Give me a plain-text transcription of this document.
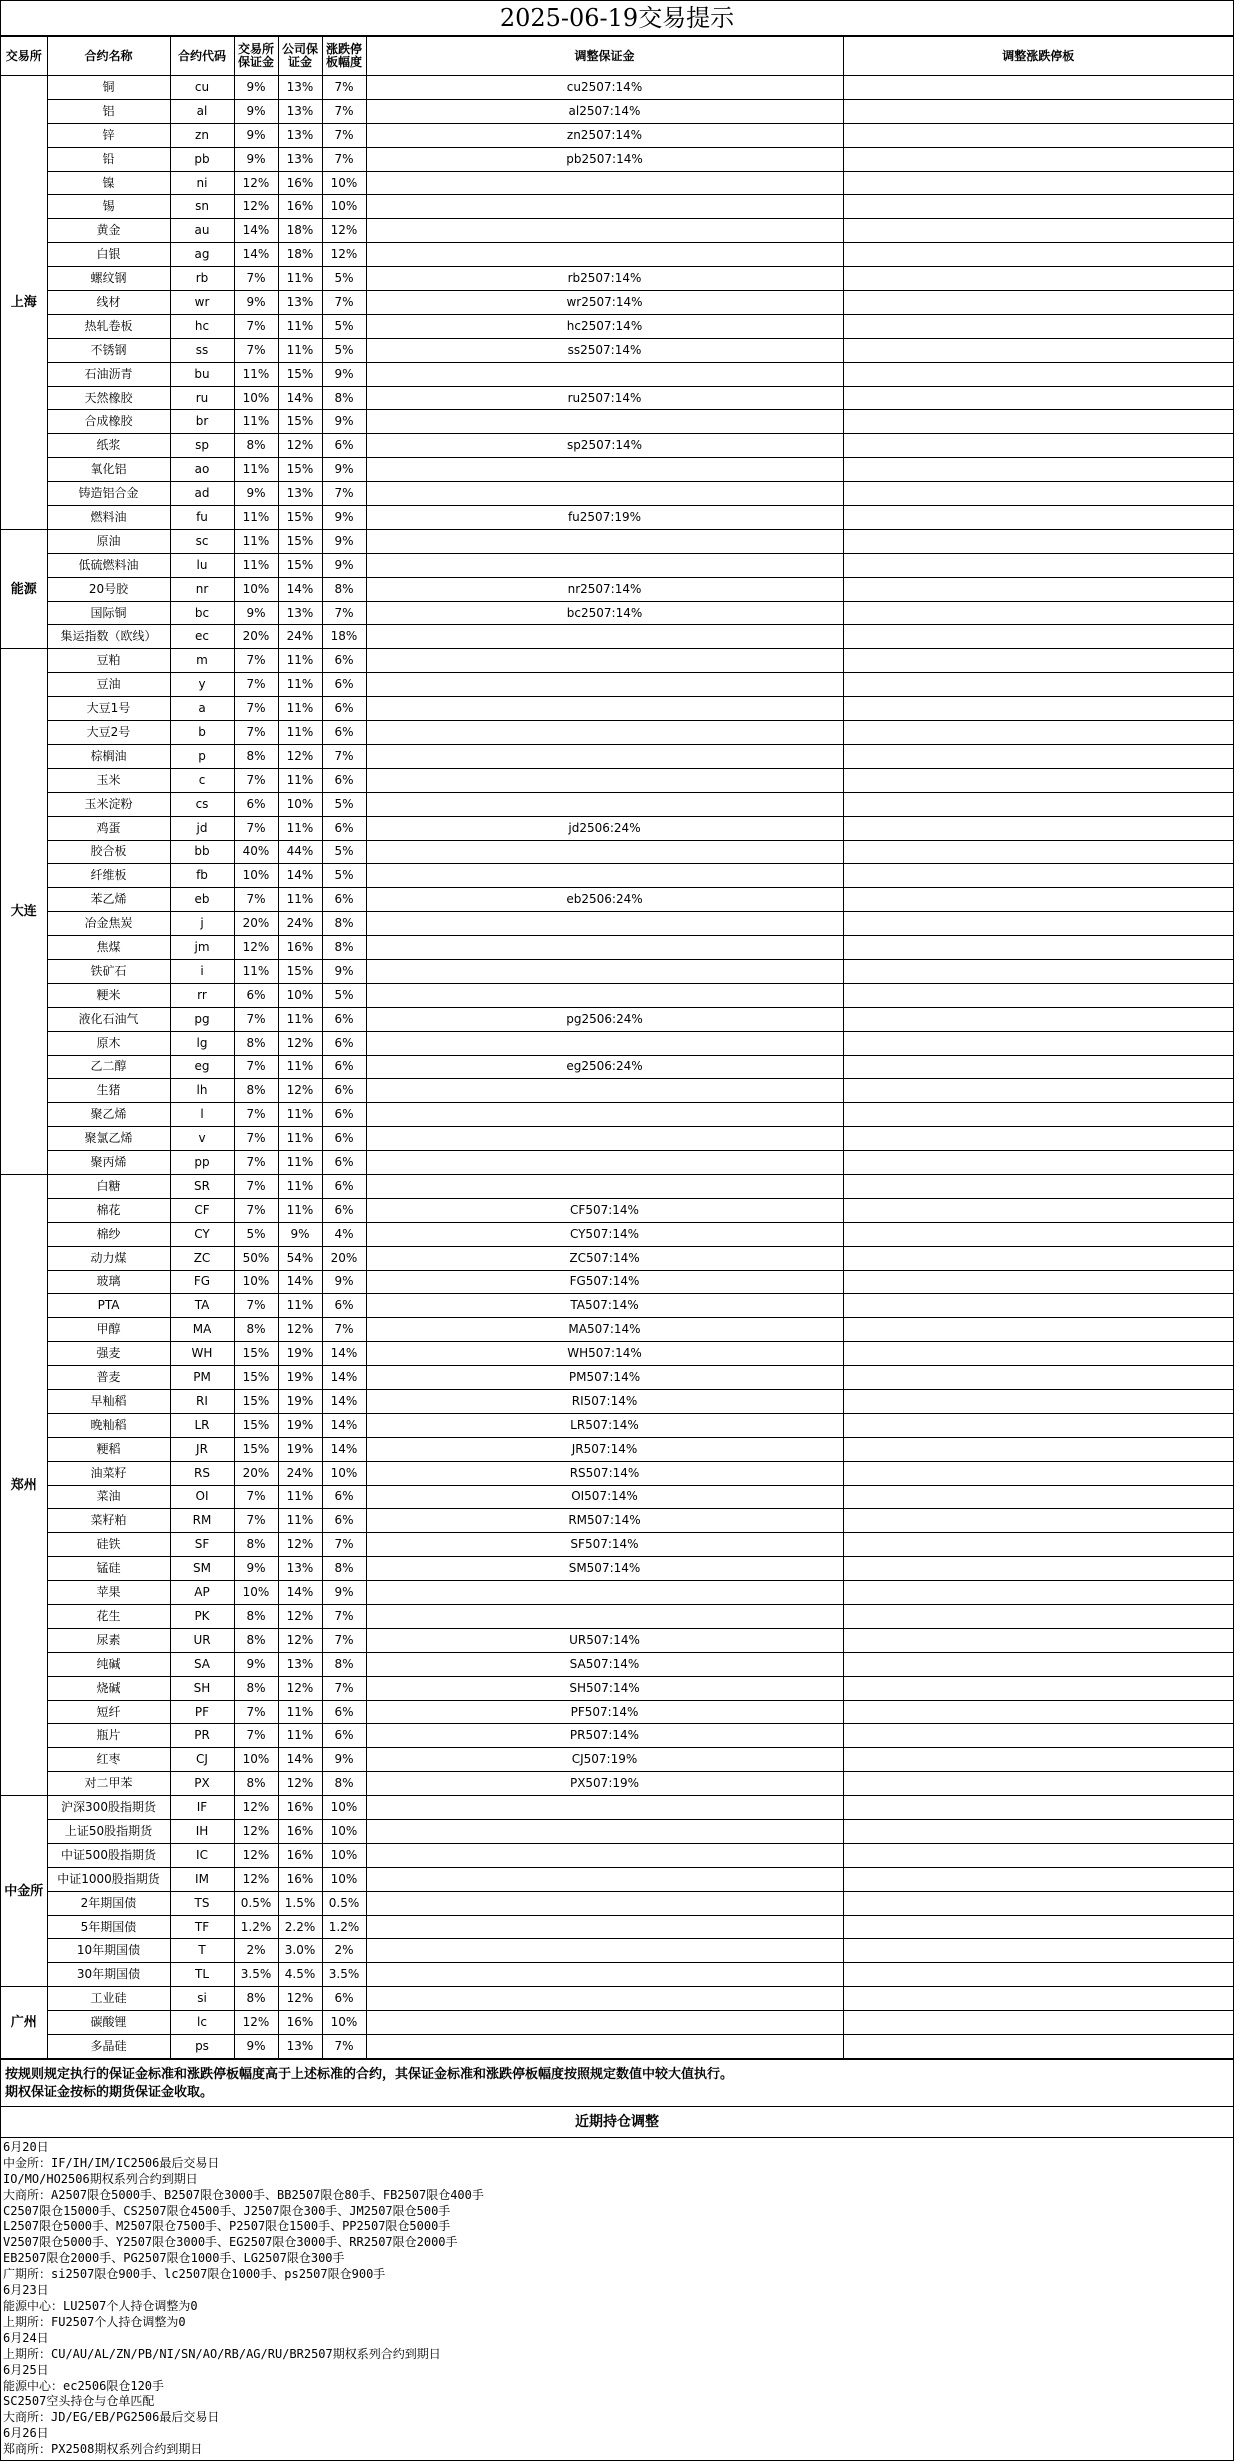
2025-06-19交易提示
交易所	合约名称	合约代码	交易所保证金	公司保证金	涨跌停板幅度	调整保证金	调整涨跌停板
上海	铜	cu	9%	13%	7%	cu2507:14%	
	铝	al	9%	13%	7%	al2507:14%	
	锌	zn	9%	13%	7%	zn2507:14%	
	铅	pb	9%	13%	7%	pb2507:14%	
	镍	ni	12%	16%	10%		
	锡	sn	12%	16%	10%		
	黄金	au	14%	18%	12%		
	白银	ag	14%	18%	12%		
	螺纹钢	rb	7%	11%	5%	rb2507:14%	
	线材	wr	9%	13%	7%	wr2507:14%	
	热轧卷板	hc	7%	11%	5%	hc2507:14%	
	不锈钢	ss	7%	11%	5%	ss2507:14%	
	石油沥青	bu	11%	15%	9%		
	天然橡胶	ru	10%	14%	8%	ru2507:14%	
	合成橡胶	br	11%	15%	9%		
	纸浆	sp	8%	12%	6%	sp2507:14%	
	氧化铝	ao	11%	15%	9%		
	铸造铝合金	ad	9%	13%	7%		
	燃料油	fu	11%	15%	9%	fu2507:19%	
能源	原油	sc	11%	15%	9%		
	低硫燃料油	lu	11%	15%	9%		
	20号胶	nr	10%	14%	8%	nr2507:14%	
	国际铜	bc	9%	13%	7%	bc2507:14%	
	集运指数（欧线）	ec	20%	24%	18%		
大连	豆粕	m	7%	11%	6%		
	豆油	y	7%	11%	6%		
	大豆1号	a	7%	11%	6%		
	大豆2号	b	7%	11%	6%		
	棕榈油	p	8%	12%	7%		
	玉米	c	7%	11%	6%		
	玉米淀粉	cs	6%	10%	5%		
	鸡蛋	jd	7%	11%	6%	jd2506:24%	
	胶合板	bb	40%	44%	5%		
	纤维板	fb	10%	14%	5%		
	苯乙烯	eb	7%	11%	6%	eb2506:24%	
	冶金焦炭	j	20%	24%	8%		
	焦煤	jm	12%	16%	8%		
	铁矿石	i	11%	15%	9%		
	粳米	rr	6%	10%	5%		
	液化石油气	pg	7%	11%	6%	pg2506:24%	
	原木	lg	8%	12%	6%		
	乙二醇	eg	7%	11%	6%	eg2506:24%	
	生猪	lh	8%	12%	6%		
	聚乙烯	l	7%	11%	6%		
	聚氯乙烯	v	7%	11%	6%		
	聚丙烯	pp	7%	11%	6%		
郑州	白糖	SR	7%	11%	6%		
	棉花	CF	7%	11%	6%	CF507:14%	
	棉纱	CY	5%	9%	4%	CY507:14%	
	动力煤	ZC	50%	54%	20%	ZC507:14%	
	玻璃	FG	10%	14%	9%	FG507:14%	
	PTA	TA	7%	11%	6%	TA507:14%	
	甲醇	MA	8%	12%	7%	MA507:14%	
	强麦	WH	15%	19%	14%	WH507:14%	
	普麦	PM	15%	19%	14%	PM507:14%	
	早籼稻	RI	15%	19%	14%	RI507:14%	
	晚籼稻	LR	15%	19%	14%	LR507:14%	
	粳稻	JR	15%	19%	14%	JR507:14%	
	油菜籽	RS	20%	24%	10%	RS507:14%	
	菜油	OI	7%	11%	6%	OI507:14%	
	菜籽粕	RM	7%	11%	6%	RM507:14%	
	硅铁	SF	8%	12%	7%	SF507:14%	
	锰硅	SM	9%	13%	8%	SM507:14%	
	苹果	AP	10%	14%	9%		
	花生	PK	8%	12%	7%		
	尿素	UR	8%	12%	7%	UR507:14%	
	纯碱	SA	9%	13%	8%	SA507:14%	
	烧碱	SH	8%	12%	7%	SH507:14%	
	短纤	PF	7%	11%	6%	PF507:14%	
	瓶片	PR	7%	11%	6%	PR507:14%	
	红枣	CJ	10%	14%	9%	CJ507:19%	
	对二甲苯	PX	8%	12%	8%	PX507:19%	
中金所	沪深300股指期货	IF	12%	16%	10%		
	上证50股指期货	IH	12%	16%	10%		
	中证500股指期货	IC	12%	16%	10%		
	中证1000股指期货	IM	12%	16%	10%		
	2年期国债	TS	0.5%	1.5%	0.5%		
	5年期国债	TF	1.2%	2.2%	1.2%		
	10年期国债	T	2%	3.0%	2%		
	30年期国债	TL	3.5%	4.5%	3.5%		
广州	工业硅	si	8%	12%	6%		
	碳酸锂	lc	12%	16%	10%		
	多晶硅	ps	9%	13%	7%		
按规则规定执行的保证金标准和涨跌停板幅度高于上述标准的合约，其保证金标准和涨跌停板幅度按照规定数值中较大值执行。
期权保证金按标的期货保证金收取。
近期持仓调整
6月20日
中金所：IF/IH/IM/IC2506最后交易日
IO/MO/HO2506期权系列合约到期日
大商所：A2507限仓5000手、B2507限仓3000手、BB2507限仓80手、FB2507限仓400手
C2507限仓15000手、CS2507限仓4500手、J2507限仓300手、JM2507限仓500手
L2507限仓5000手、M2507限仓7500手、P2507限仓1500手、PP2507限仓5000手
V2507限仓5000手、Y2507限仓3000手、EG2507限仓3000手、RR2507限仓2000手
EB2507限仓2000手、PG2507限仓1000手、LG2507限仓300手
广期所：si2507限仓900手、lc2507限仓1000手、ps2507限仓900手
6月23日
能源中心：LU2507个人持仓调整为0
上期所：FU2507个人持仓调整为0
6月24日
上期所：CU/AU/AL/ZN/PB/NI/SN/AO/RB/AG/RU/BR2507期权系列合约到期日
6月25日
能源中心：ec2506限仓120手
SC2507空头持仓与仓单匹配
大商所：JD/EG/EB/PG2506最后交易日
6月26日
郑商所：PX2508期权系列合约到期日
